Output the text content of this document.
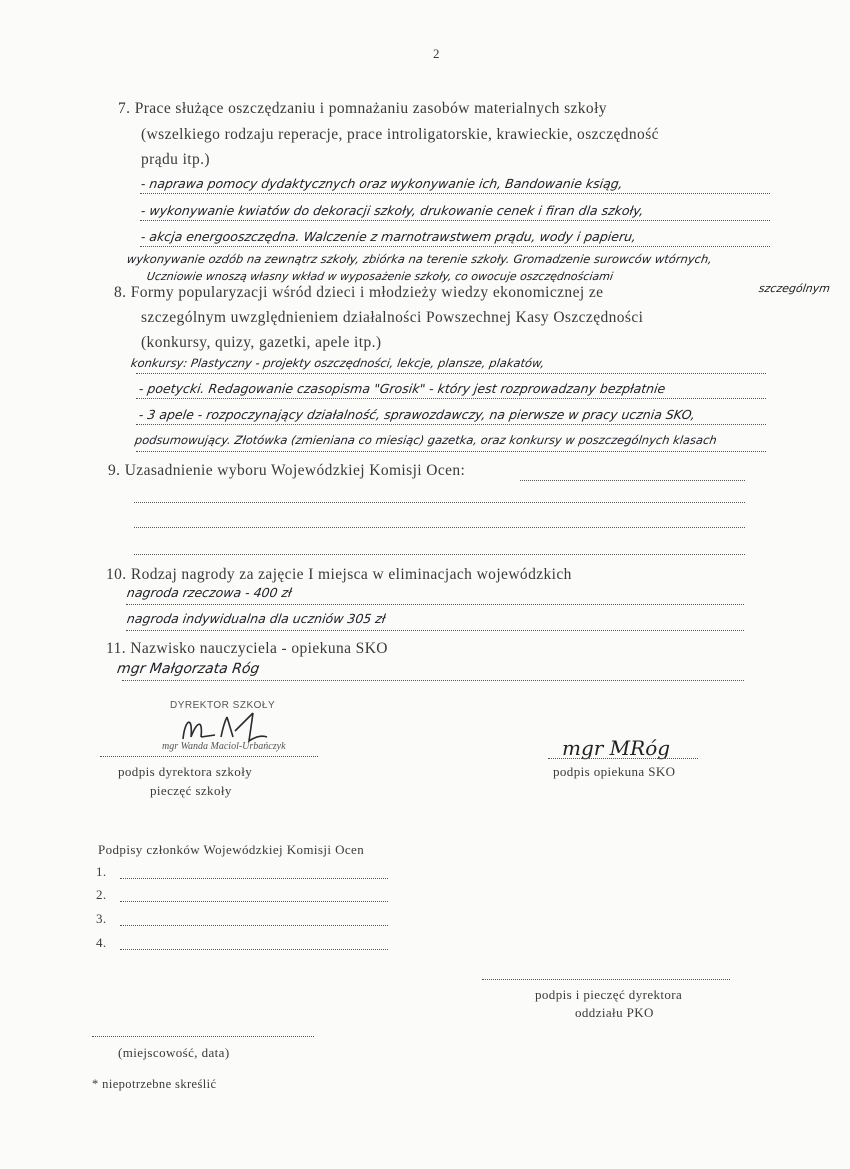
2
7. Prace służące oszczędzaniu i pomnażaniu zasobów materialnych szkoły
(wszelkiego rodzaju reperacje, prace introligatorskie, krawieckie, oszczędność
prądu itp.)
- naprawa pomocy dydaktycznych oraz wykonywanie ich, Bandowanie ksiąg,
- wykonywanie kwiatów do dekoracji szkoły, drukowanie cenek i firan dla szkoły,
- akcja energooszczędna. Walczenie z marnotrawstwem prądu, wody i papieru,
wykonywanie ozdób na zewnątrz szkoły, zbiórka na terenie szkoły. Gromadzenie surowców wtórnych,
Uczniowie wnoszą własny wkład w wyposażenie szkoły, co owocuje oszczędnościami
8. Formy popularyzacji wśród dzieci i młodzieży wiedzy ekonomicznej ze	szczególnym
szczególnym uwzględnieniem działalności Powszechnej Kasy Oszczędności
(konkursy, quizy, gazetki, apele itp.)
konkursy: Plastyczny - projekty oszczędności, lekcje, plansze, plakatów,
- poetycki. Redagowanie czasopisma "Grosik" - który jest rozprowadzany bezpłatnie
- 3 apele - rozpoczynający działalność, sprawozdawczy, na pierwsze w pracy ucznia SKO,
podsumowujący. Złotówka (zmieniana co miesiąc) gazetka, oraz konkursy w poszczególnych klasach
9. Uzasadnienie wyboru Wojewódzkiej Komisji Ocen:
10. Rodzaj nagrody za zajęcie I miejsca w eliminacjach wojewódzkich
nagroda rzeczowa - 400 zł
nagroda indywidualna dla uczniów 305 zł
11. Nazwisko nauczyciela - opiekuna SKO
mgr Małgorzata Róg
DYREKTOR SZKOŁY
mgr Wanda Maciol-Urbańczyk
podpis dyrektora szkoły
pieczęć szkoły
mgr MRóg
podpis opiekuna SKO
Podpisy członków Wojewódzkiej Komisji Ocen
1.
2.
3.
4.
podpis i pieczęć dyrektora
oddziału PKO
(miejscowość, data)
* niepotrzebne skreślić
